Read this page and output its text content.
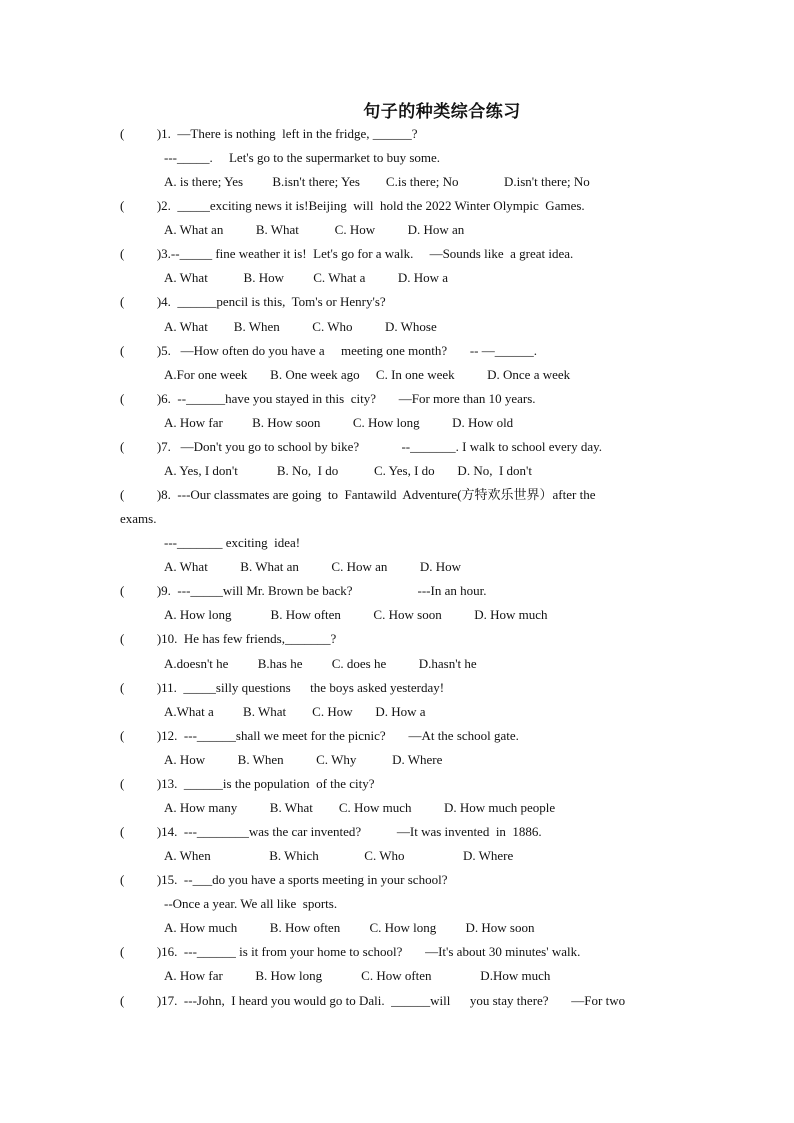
句子的种类综合练习
(          )1.  —There is nothing  left in the fridge, ______?
---_____.     Let's go to the supermarket to buy some.
A. is there; Yes         B.isn't there; Yes        C.is there; No              D.isn't there; No
(          )2.  _____exciting news it is!Beijing  will  hold the 2022 Winter Olympic  Games.
A. What an          B. What           C. How          D. How an
(          )3.--_____ fine weather it is!  Let's go for a walk.     —Sounds like  a great idea.
A. What           B. How         C. What a          D. How a
(          )4.  ______pencil is this,  Tom's or Henry's?
A. What        B. When          C. Who          D. Whose
(          )5.   —How often do you have a     meeting one month?       -- —______.
A.For one week       B. One week ago     C. In one week          D. Once a week
(          )6.  --______have you stayed in this  city?       —For more than 10 years.
A. How far         B. How soon          C. How long          D. How old
(          )7.   —Don't you go to school by bike?             --_______. I walk to school every day.
A. Yes, I don't            B. No,  I do           C. Yes, I do       D. No,  I don't
(          )8.  ---Our classmates are going  to  Fantawild  Adventure(方特欢乐世界）after the
exams.
---_______ exciting  idea!
A. What          B. What an          C. How an          D. How
(          )9.  ---_____will Mr. Brown be back?                    ---In an hour.
A. How long            B. How often          C. How soon          D. How much
(          )10.  He has few friends,_______?
A.doesn't he         B.has he         C. does he          D.hasn't he
(          )11.  _____silly questions      the boys asked yesterday!
A.What a         B. What        C. How       D. How a
(          )12.  ---______shall we meet for the picnic?       —At the school gate.
A. How          B. When          C. Why           D. Where
(          )13.  ______is the population  of the city?
A. How many          B. What        C. How much          D. How much people
(          )14.  ---________was the car invented?           —It was invented  in  1886.
A. When                  B. Which              C. Who                  D. Where
(          )15.  --___do you have a sports meeting in your school?
--Once a year. We all like  sports.
A. How much          B. How often         C. How long         D. How soon
(          )16.  ---______ is it from your home to school?       —It's about 30 minutes' walk.
A. How far          B. How long            C. How often               D.How much
(          )17.  ---John,  I heard you would go to Dali.  ______will      you stay there?       —For two
